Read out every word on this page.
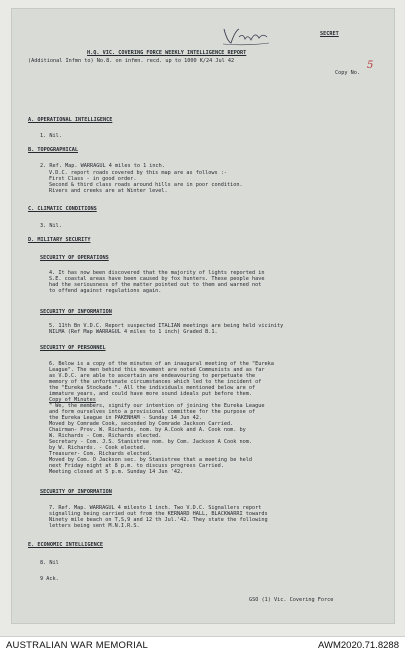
SECRET
H.Q. VIC. COVERING FORCE WEEKLY INTELLIGENCE REPORT
(Additional Infmn to) No.8. on infmn. recd. up to 1000 K/24 Jul 42
Copy No.
5
A. OPERATIONAL INTELLIGENCE
1. Nil.
B. TOPOGRAPHICAL
2. Ref. Map. WARRAGUL 4 miles to 1 inch.
V.D.C. report roads covered by this map are as follows :-
First Class - in good order.
Second & third class roads around hills are in poor condition.
Rivers and creeks are at Winter level.
C. CLIMATIC CONDITIONS
3. Nil.
D. MILITARY SECURITY
SECURITY OF OPERATIONS
4. It has now been discovered that the majority of lights reported in
S.E. coastal areas have been caused by fox hunters. These people have
had the seriousness of the matter pointed out to them and warned not
to offend against regulations again.
SECURITY OF INFORMATION
5. 11th Bn V.D.C. Report suspected ITALIAN meetings are being held vicinity
NILMA (Ref Map WARRAGUL 4 miles to 1 inch) Graded B.1.
SECURITY OF PERSONNEL
6. Below is a copy of the minutes of an inaugural meeting of the "Eureka
League". The men behind this movement are noted Communists and as far
as V.D.C. are able to ascertain are endeavouring to perpetuate the
memory of the unfortunate circumstances which led to the incident of
the "Eureka Stockade ". All the individuals mentioned below are of
immature years, and could have more sound ideals put before them.
Copy of Minutes
" We, the members, signify our intention of joining the Eureka League
and form ourselves into a provisional committee for the purpose of
the Eureka League in PAKENHAM - Sunday 14 Jun 42.
Moved by Comrade Cook, seconded by Comrade Jackson Carried.
Chairman- Prov. W. Richards, nom. by A.Cook and A. Cook nom. by
W. Richards - Com. Richards elected.
Secretary - Com. J.S. Stanistree nom. by Com. Jackson A Cook nom.
by W. Richards. - Cook elected.
Treasurer- Com. Richards elected.
Moved by Com. O Jackson sec. by Stanistree that a meeting be held
next Friday night at 8 p.m. to discuss progress Carried.
Meeting closed at 5 p.m. Sunday 14 Jun '42.
SECURITY OF INFORMATION
7. Ref. Map. WARRAGUL 4 milesto 1 inch. Two V.D.C. Signallers report
signalling being carried out from the KERNARD HALL, BLACKWARRI towards
Ninety mile beach on T,S,9 and 12 th Jul.'42. They state the following
letters being sent M.N.I.R.S.
E. ECONOMIC INTELLIGENCE
8. Nil
9 Ack.
GSO (1) Vic. Covering Force
AUSTRALIAN WAR MEMORIAL	AWM2020.71.8288
